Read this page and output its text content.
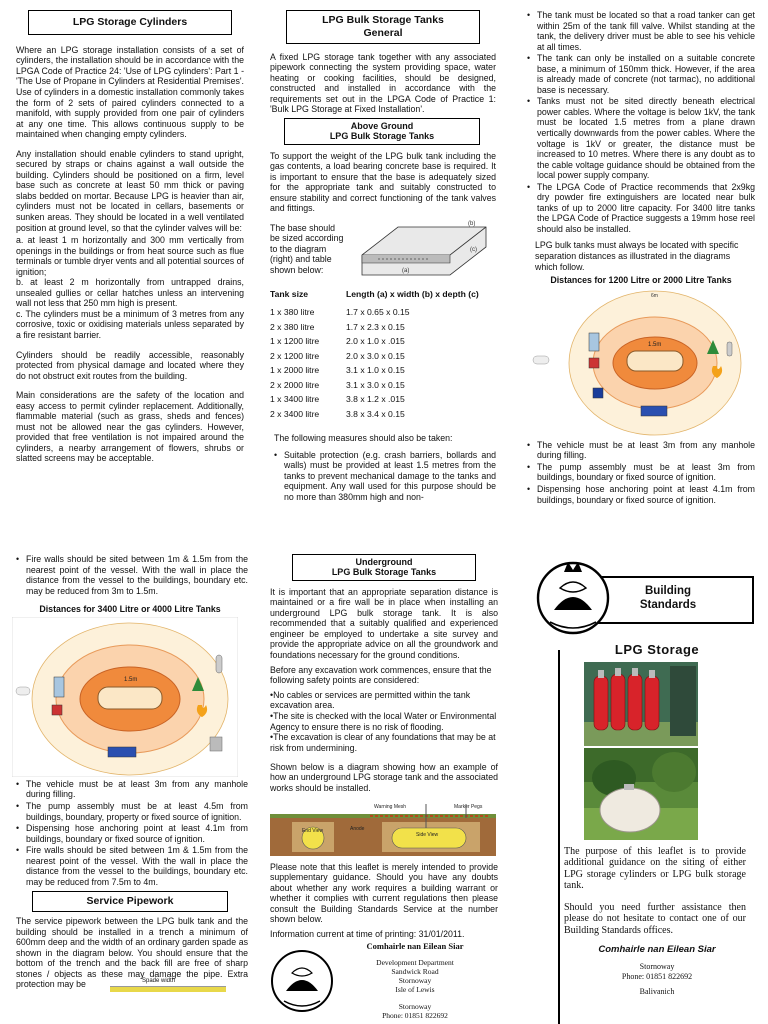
LPG Storage Cylinders

Where an LPG storage installation consists of a set of cylinders, the installation should be in accordance with the LPGA Code of Practice 24: 'Use of LPG cylinders': Part 1 - 'The Use of Propane in Cylinders at Residential Premises'. Use of cylinders in a domestic installation commonly takes the form of 2 sets of paired cylinders connected to a manifold, with supply provided from one pair of cylinders at any one time. This allows continuous supply to be maintained when changing empty cylinders.

Any installation should enable cylinders to stand upright, secured by straps or chains against a wall outside the building. Cylinders should be positioned on a firm, level base such as concrete at least 50 mm thick or paving slabs bedded on mortar. Because LPG is heavier than air, cylinders must not be located in cellars, basements or sunken areas. They should be located in a well ventilated position at ground level, so that the cylinder valves will be:

a. at least 1 m horizontally and 300 mm vertically from openings in the buildings or from heat source such as flue terminals or tumble dryer vents and all potential sources of ignition;

b. at least 2 m horizontally from untrapped drains, unsealed gullies or cellar hatches unless an intervening wall not less that 250 mm high is present.

c. The cylinders must be a minimum of 3 metres from any corrosive, toxic or oxidising materials unless separated by a fire resistant barrier.

Cylinders should be readily accessible, reasonably protected from physical damage and located where they do not obstruct exit routes from the building.

Main considerations are the safety of the location and easy access to permit cylinder replacement. Additionally, flammable material (such as grass, sheds and fences) must not be allowed near the gas cylinders. However, provided that free ventilation is not impaired around the cylinders, a nearby arrangement of flowers, shrubs or slatted screens may be acceptable.

LPG Bulk Storage Tanks
General

A fixed LPG storage tank together with any associated pipework connecting the system providing space, water heating or cooking facilities, should be designed, constructed and installed in accordance with the requirements set out in the LPGA Code of Practice 1: 'Bulk LPG Storage at Fixed Installation'.

Above Ground
LPG Bulk Storage Tanks

To support the weight of the LPG bulk tank including the gas contents, a load bearing concrete base is required. It is important to ensure that the base is adequately sized for the appropriate tank and suitably constructed to ensure stability and correct functioning of the tank valves and fittings.

The base should be sized according to the diagram (right) and table shown below:

(b)
(c)
(a)
Tank size	Length (a) x width (b) x depth (c)

1 x 380 litre	1.7 x 0.65 x 0.15
2 x 380 litre	1.7 x 2.3 x 0.15
1 x 1200 litre	2.0 x 1.0 x .015
2 x 1200 litre	2.0 x 3.0 x 0.15
1 x 2000 litre	3.1 x 1.0 x 0.15
2 x 2000 litre	3.1 x 3.0 x 0.15
1 x 3400 litre	3.8 x 1.2 x .015
2 x 3400 litre	3.8 x 3.4 x 0.15

The following measures should also be taken:

• Suitable protection (e.g. crash barriers, bollards and walls) must be provided at least 1.5 metres from the tanks to prevent mechanical damage to the tanks and equipment. Any wall used for this purpose should be no more than 380mm high and non-
• The tank must be located so that a road tanker can get within 25m of the tank fill valve. Whilst standing at the tank, the delivery driver must be able to see his vehicle at all times.
• The tank can only be installed on a suitable concrete base, a minimum of 150mm thick. However, if the area is already made of concrete (not tarmac), no additional base is necessary.
• Tanks must not be sited directly beneath electrical power cables. Where the voltage is below 1kV, the tank must be located 1.5 metres from a plane drawn vertically downwards from the power cables. Where the voltage is 1kV or greater, the distance must be increased to 10 metres. Where there is any doubt as to the cable voltage guidance should be obtained from the local power supply company.
• The LPGA Code of Practice recommends that 2x9kg dry powder fire extinguishers are located near bulk tanks of up to 2000 litre capacity. For 3400 litre tanks the LPGA Code of Practice suggests a 19mm hose reel should also be installed.

LPG bulk tanks must always be located with specific separation distances as illustrated in the diagrams which follow.

Distances for 1200 Litre or 2000 Litre Tanks
1.5m
6m
• The vehicle must be at least 3m from any manhole during filling.
• The pump assembly must be at least 3m from buildings, boundary or fixed source of ignition.
• Dispensing hose anchoring point at least 4.1m from buildings, boundary or fixed source of ignition.
• Fire walls should be sited between 1m & 1.5m from the nearest point of the vessel. With the wall in place the distance from the vessel to the buildings, boundary etc. may be reduced from 3m to 1.5m.
Distances for 3400 Litre or 4000 Litre Tanks
1.5m
• The vehicle must be at least 3m from any manhole during filling.
• The pump assembly must be at least 4.5m from buildings, boundary, property or fixed source of ignition.
• Dispensing hose anchoring point at least 4.1m from buildings, boundary or fixed source of ignition.
• Fire walls should be sited between 1m & 1.5m from the nearest point of the vessel. With the wall in place the distance from the vessel to the buildings, boundary etc. may be reduced from 7.5m to 4m.
Service Pipework

The service pipework between the LPG bulk tank and the building should be installed in a trench a minimum of 600mm deep and the width of an ordinary garden spade as shown in the diagram below. You should ensure that the bottom of the trench and the back fill are free of sharp stones / objects as these may damage the pipe. Extra protection may be	Spade width
Underground
LPG Bulk Storage Tanks

It is important that an appropriate separation distance is maintained or a fire wall be in place when installing an underground LPG bulk storage tank. It is also recommended that a suitably qualified and experienced engineer be employed to undertake a site survey and provide the appropriate advice on all the groundwork and foundations necessary for the ground conditions.

Before any excavation work commences, ensure that the following safety points are considered:

•No cables or services are permitted within the tank excavation area.
•The site is checked with the local Water or Environmental Agency to ensure there is no risk of flooding.
•The excavation is clear of any foundations that may be at risk from undermining.

Shown below is a diagram showing how an example of how an underground LPG storage tank and the associated works should be installed.

Warning Mesh	Marker Pegs
End View
Side View
Anode

Please note that this leaflet is merely intended to provide supplementary guidance. Should you have any doubts about whether any work requires a building warrant or whether it complies with current regulations then please consult the Building Standards Service at the number shown below.

Information current at time of printing: 31/01/2011.

Comhairle nan Eilean Siar
Development Department
Sandwick Road
Stornoway
Isle of Lewis
Stornoway
Phone: 01851 822692
Building
Standards
LPG Storage

The purpose of this leaflet is to provide additional guidance on the siting of either LPG storage cylinders or LPG bulk storage tank.

Should you need further assistance then please do not hesitate to contact one of our Building Standards offices.

Comhairle nan Eilean Siar
Stornoway
Phone: 01851 822692
Balivanich
